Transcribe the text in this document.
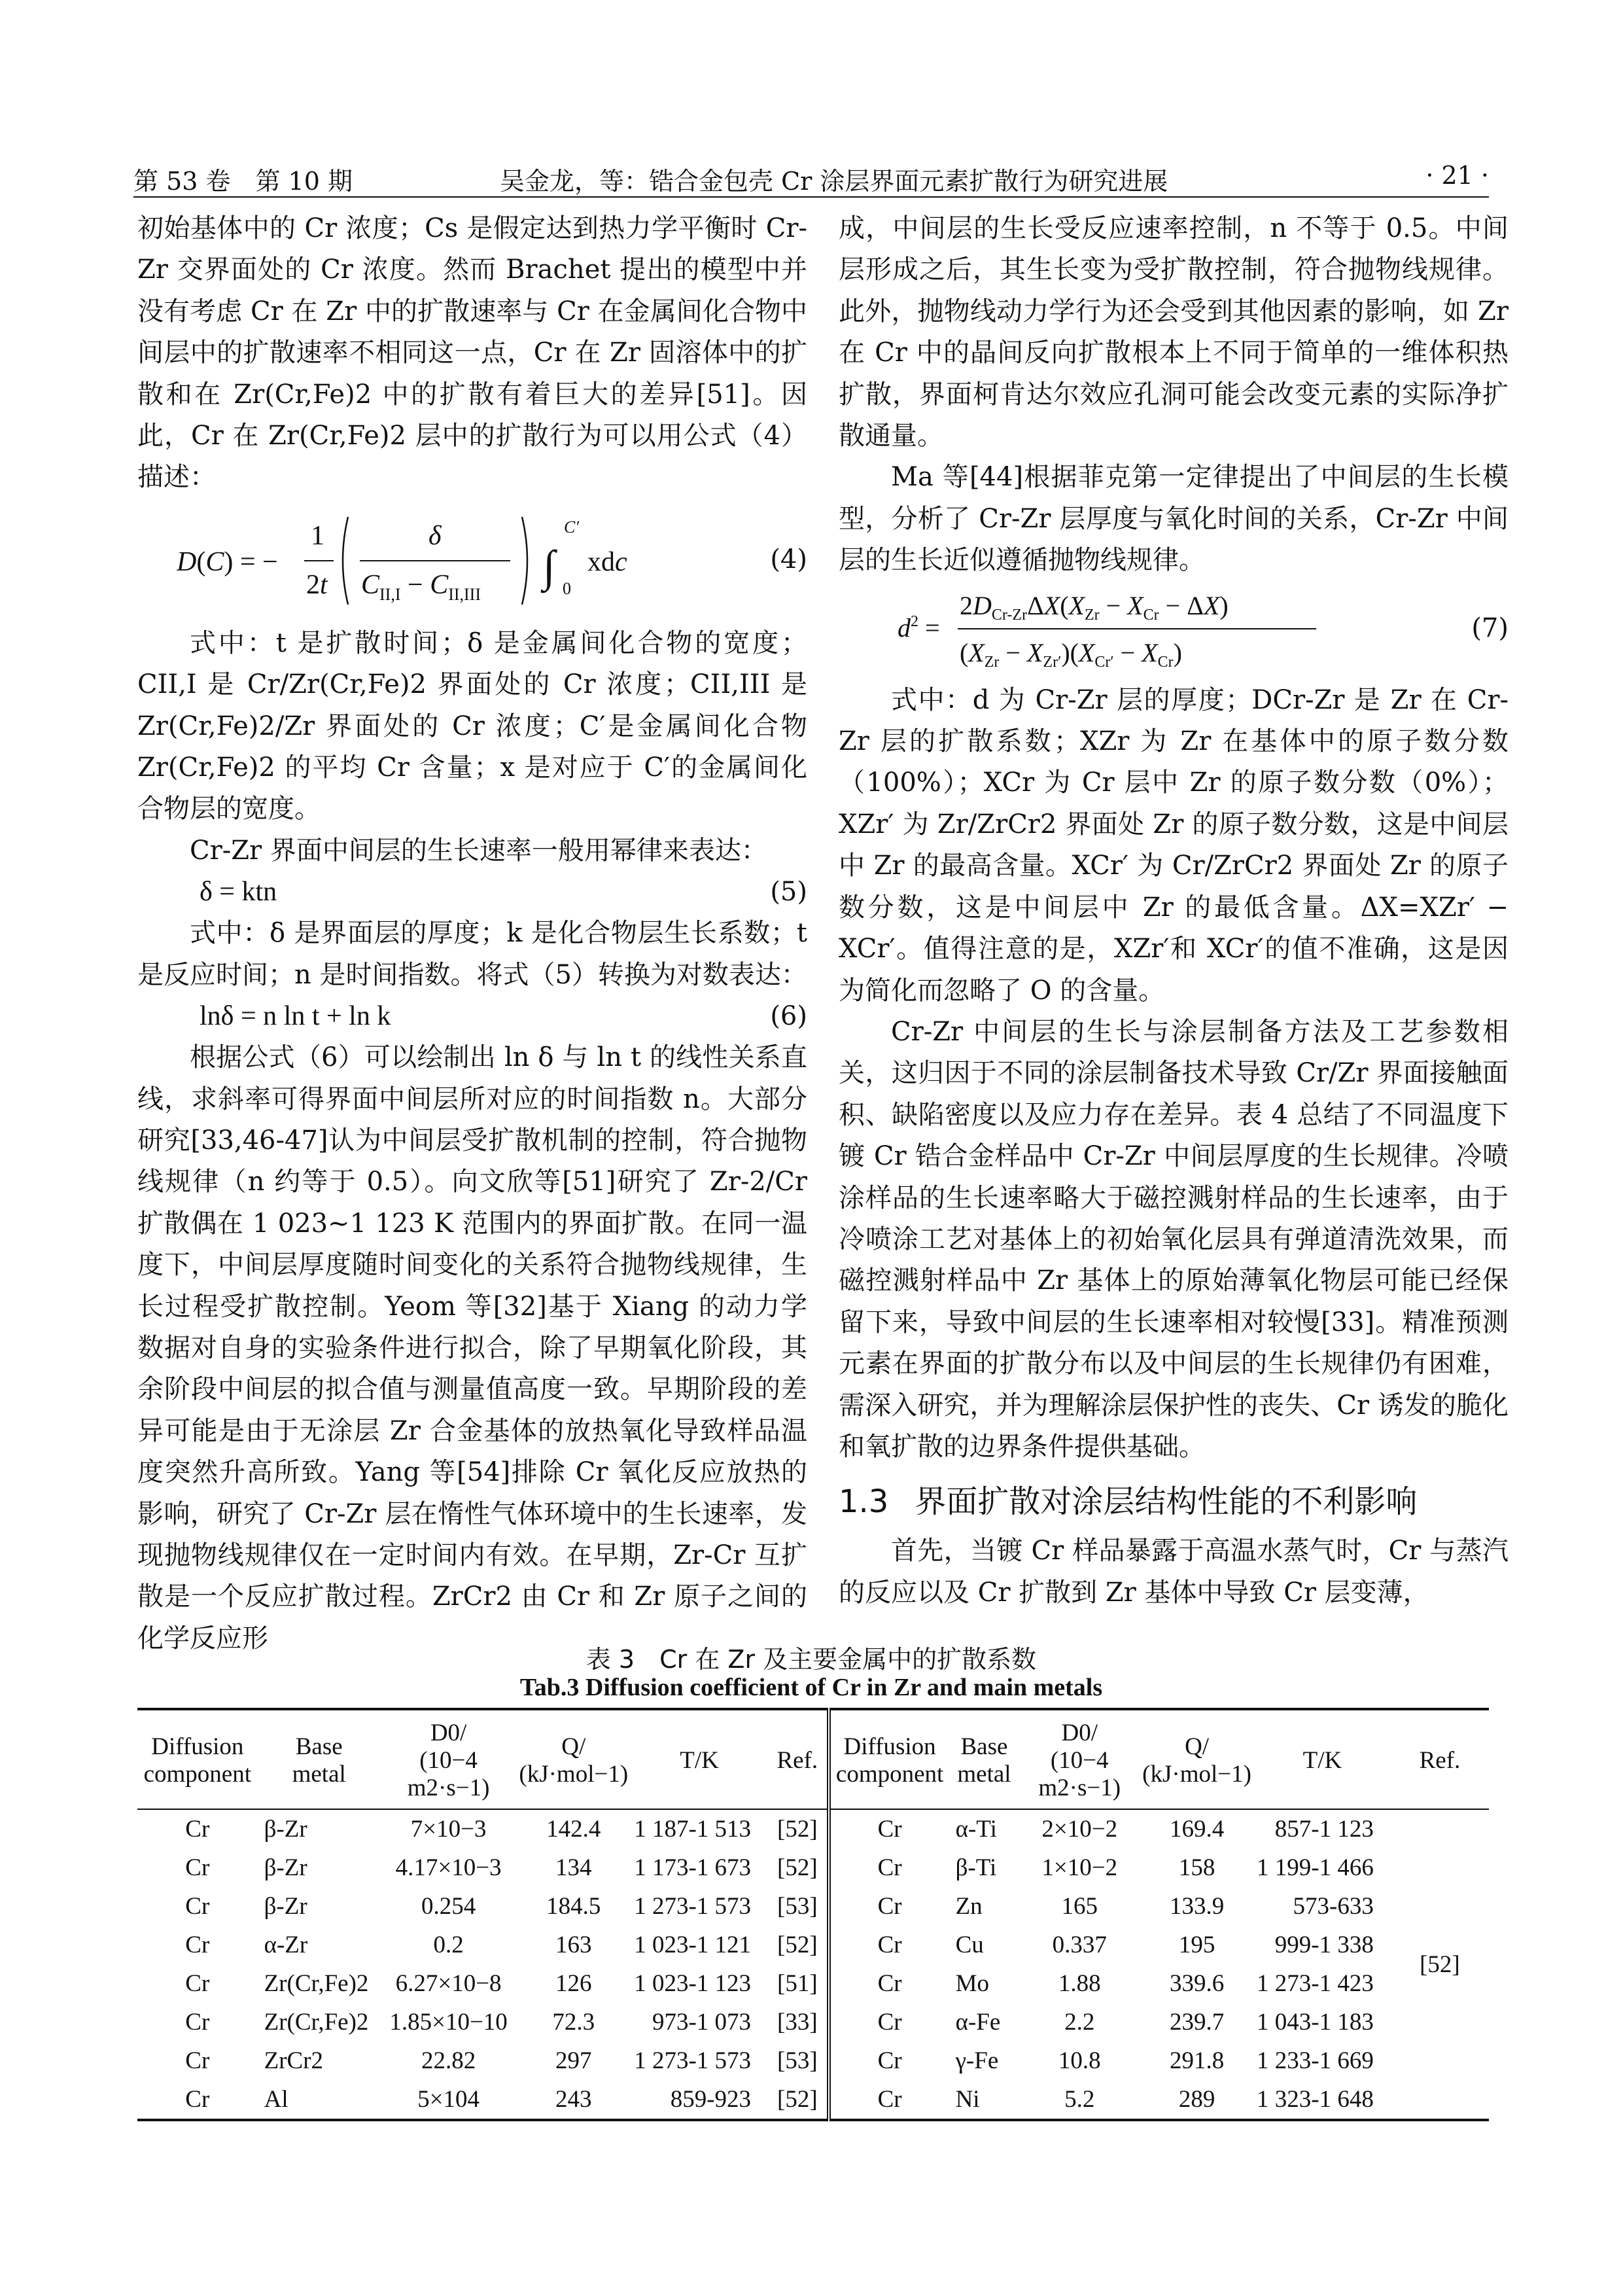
第 53 卷　第 10 期	吴金龙，等：锆合金包壳 Cr 涂层界面元素扩散行为研究进展	· 21 ·

初始基体中的 Cr 浓度；Cs 是假定达到热力学平衡时 Cr-Zr 交界面处的 Cr 浓度。然而 Brachet 提出的模型中并没有考虑 Cr 在 Zr 中的扩散速率与 Cr 在金属间化合物中间层中的扩散速率不相同这一点，Cr 在 Zr 固溶体中的扩散和在 Zr(Cr,Fe)2 中的扩散有着巨大的差异[51]。因此，Cr 在 Zr(Cr,Fe)2 层中的扩散行为可以用公式（4）描述：

D(C) = −
1
2t
δ
$C_{II,I} - C_{II,III}$
∫
C′
0
xdc	(4)

式中：t 是扩散时间；δ 是金属间化合物的宽度；CII,I 是 Cr/Zr(Cr,Fe)2 界面处的 Cr 浓度；CII,III 是 Zr(Cr,Fe)2/Zr 界面处的 Cr 浓度；C′是金属间化合物 Zr(Cr,Fe)2 的平均 Cr 含量；x 是对应于 C′的金属间化合物层的宽度。

Cr-Zr 界面中间层的生长速率一般用幂律来表达：

δ = ktn	(5)

式中：δ 是界面层的厚度；k 是化合物层生长系数；t 是反应时间；n 是时间指数。将式（5）转换为对数表达：

lnδ = n ln t + ln k	(6)

根据公式（6）可以绘制出 ln δ 与 ln t 的线性关系直线，求斜率可得界面中间层所对应的时间指数 n。大部分研究[33,46-47]认为中间层受扩散机制的控制，符合抛物线规律（n 约等于 0.5）。向文欣等[51]研究了 Zr-2/Cr 扩散偶在 1 023~1 123 K 范围内的界面扩散。在同一温度下，中间层厚度随时间变化的关系符合抛物线规律，生长过程受扩散控制。Yeom 等[32]基于 Xiang 的动力学数据对自身的实验条件进行拟合，除了早期氧化阶段，其余阶段中间层的拟合值与测量值高度一致。早期阶段的差异可能是由于无涂层 Zr 合金基体的放热氧化导致样品温度突然升高所致。Yang 等[54]排除 Cr 氧化反应放热的影响，研究了 Cr-Zr 层在惰性气体环境中的生长速率，发现抛物线规律仅在一定时间内有效。在早期，Zr-Cr 互扩散是一个反应扩散过程。ZrCr2 由 Cr 和 Zr 原子之间的化学反应形

成，中间层的生长受反应速率控制，n 不等于 0.5。中间层形成之后，其生长变为受扩散控制，符合抛物线规律。此外，抛物线动力学行为还会受到其他因素的影响，如 Zr 在 Cr 中的晶间反向扩散根本上不同于简单的一维体积热扩散，界面柯肯达尔效应孔洞可能会改变元素的实际净扩散通量。

Ma 等[44]根据菲克第一定律提出了中间层的生长模型，分析了 Cr-Zr 层厚度与氧化时间的关系，Cr-Zr 中间层的生长近似遵循抛物线规律。

$d^2$ =
$2D_{Cr-Zr}\Delta X(X_{Zr} - X_{Cr} - \Delta X)$
$(X_{Zr} - X_{Zr'})(X_{Cr'} - X_{Cr})$
(7)

式中：d 为 Cr-Zr 层的厚度；DCr-Zr 是 Zr 在 Cr-Zr 层的扩散系数；XZr 为 Zr 在基体中的原子数分数（100%）；XCr 为 Cr 层中 Zr 的原子数分数（0%）；XZr′ 为 Zr/ZrCr2 界面处 Zr 的原子数分数，这是中间层中 Zr 的最高含量。XCr′ 为 Cr/ZrCr2 界面处 Zr 的原子数分数，这是中间层中 Zr 的最低含量。ΔX=XZr′ − XCr′。值得注意的是，XZr′和 XCr′的值不准确，这是因为简化而忽略了 O 的含量。

Cr-Zr 中间层的生长与涂层制备方法及工艺参数相关，这归因于不同的涂层制备技术导致 Cr/Zr 界面接触面积、缺陷密度以及应力存在差异。表 4 总结了不同温度下镀 Cr 锆合金样品中 Cr-Zr 中间层厚度的生长规律。冷喷涂样品的生长速率略大于磁控溅射样品的生长速率，由于冷喷涂工艺对基体上的初始氧化层具有弹道清洗效果，而磁控溅射样品中 Zr 基体上的原始薄氧化物层可能已经保留下来，导致中间层的生长速率相对较慢[33]。精准预测元素在界面的扩散分布以及中间层的生长规律仍有困难，需深入研究，并为理解涂层保护性的丧失、Cr 诱发的脆化和氧扩散的边界条件提供基础。

1.3 界面扩散对涂层结构性能的不利影响

首先，当镀 Cr 样品暴露于高温水蒸气时，Cr 与蒸汽的反应以及 Cr 扩散到 Zr 基体中导致 Cr 层变薄，

表 3　Cr 在 Zr 及主要金属中的扩散系数
Tab.3 Diffusion coefficient of Cr in Zr and main metals
Diffusion
component	Base
metal	D0/
(10−4 m2·s−1)	Q/
(kJ·mol−1)	T/K	Ref.	Diffusion
component	Base
metal	D0/
(10−4 m2·s−1)	Q/
(kJ·mol−1)	T/K	Ref.
Cr	β-Zr	7×10−3	142.4	1 187-1 513	[52]	Cr	α-Ti	2×10−2	169.4	857-1 123	[52]
Cr	β-Zr	4.17×10−3	134	1 173-1 673	[52]	Cr	β-Ti	1×10−2	158	1 199-1 466	
Cr	β-Zr	0.254	184.5	1 273-1 573	[53]	Cr	Zn	165	133.9	573-633	
Cr	α-Zr	0.2	163	1 023-1 121	[52]	Cr	Cu	0.337	195	999-1 338	
Cr	Zr(Cr,Fe)2	6.27×10−8	126	1 023-1 123	[51]	Cr	Mo	1.88	339.6	1 273-1 423	
Cr	Zr(Cr,Fe)2	1.85×10−10	72.3	973-1 073	[33]	Cr	α-Fe	2.2	239.7	1 043-1 183	
Cr	ZrCr2	22.82	297	1 273-1 573	[53]	Cr	γ-Fe	10.8	291.8	1 233-1 669	
Cr	Al	5×104	243	859-923	[52]	Cr	Ni	5.2	289	1 323-1 648	
